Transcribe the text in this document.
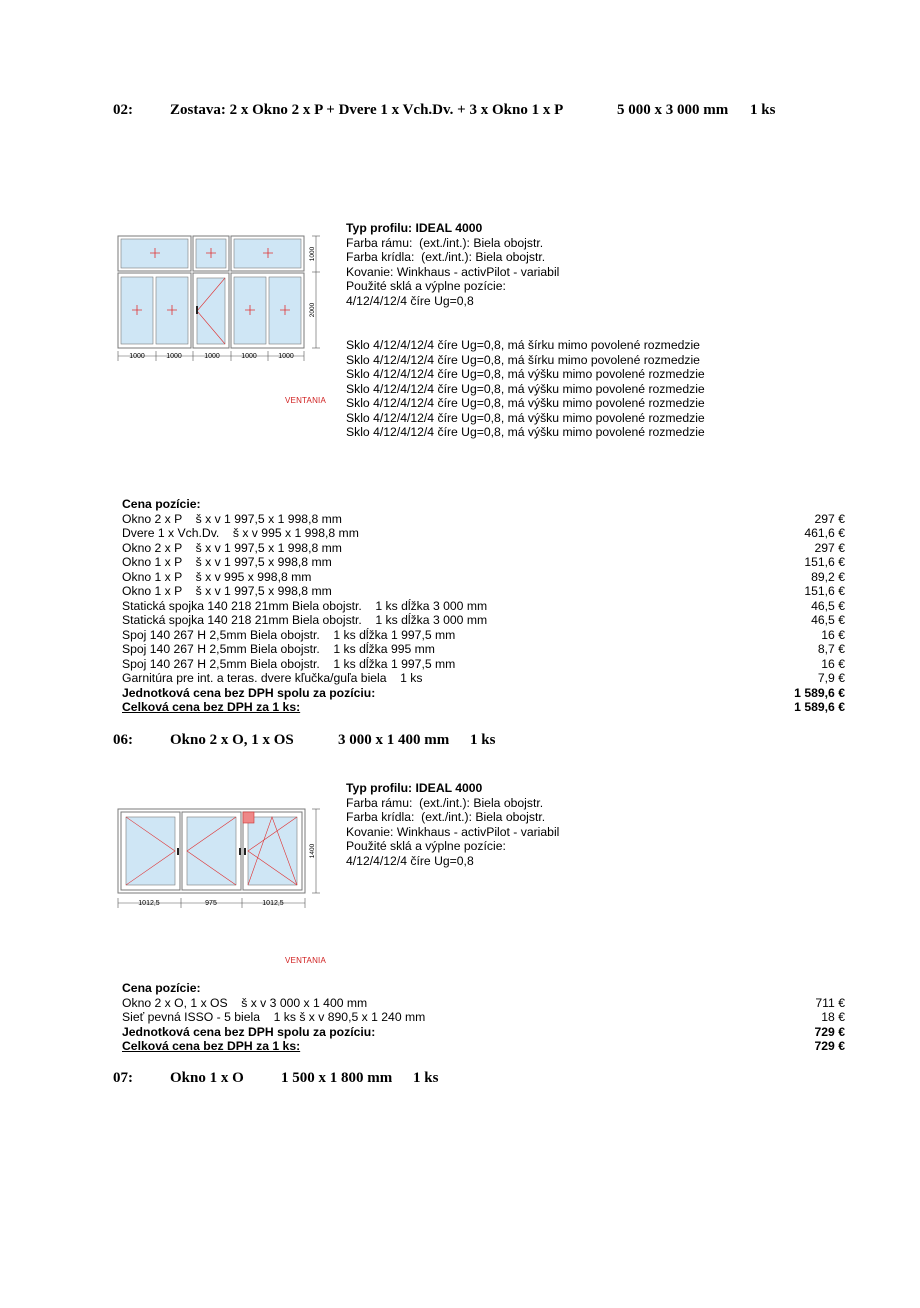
02: Zostava: 2 x Okno 2 x P + Dvere 1 x Vch.Dv. + 3 x Okno 1 x P	5 000 x 3 000 mm 1 ks
1000
2000
1000	1000	1000	1000	1000
VENTANIA
Typ profilu: IDEAL 4000
Farba rámu:  (ext./int.): Biela obojstr.
Farba krídla:  (ext./int.): Biela obojstr.
Kovanie: Winkhaus - activPilot - variabil
Použité sklá a výplne pozície:
4/12/4/12/4 číre Ug=0,8
Sklo 4/12/4/12/4 číre Ug=0,8, má šírku mimo povolené rozmedzie
Sklo 4/12/4/12/4 číre Ug=0,8, má šírku mimo povolené rozmedzie
Sklo 4/12/4/12/4 číre Ug=0,8, má výšku mimo povolené rozmedzie
Sklo 4/12/4/12/4 číre Ug=0,8, má výšku mimo povolené rozmedzie
Sklo 4/12/4/12/4 číre Ug=0,8, má výšku mimo povolené rozmedzie
Sklo 4/12/4/12/4 číre Ug=0,8, má výšku mimo povolené rozmedzie
Sklo 4/12/4/12/4 číre Ug=0,8, má výšku mimo povolené rozmedzie
Cena pozície:
Okno 2 x P    š x v 1 997,5 x 1 998,8 mm	297 €
Dvere 1 x Vch.Dv.    š x v 995 x 1 998,8 mm	461,6 €
Okno 2 x P    š x v 1 997,5 x 1 998,8 mm	297 €
Okno 1 x P    š x v 1 997,5 x 998,8 mm	151,6 €
Okno 1 x P    š x v 995 x 998,8 mm	89,2 €
Okno 1 x P    š x v 1 997,5 x 998,8 mm	151,6 €
Statická spojka 140 218 21mm Biela obojstr.    1 ks dĺžka 3 000 mm	46,5 €
Statická spojka 140 218 21mm Biela obojstr.    1 ks dĺžka 3 000 mm	46,5 €
Spoj 140 267 H 2,5mm Biela obojstr.    1 ks dĺžka 1 997,5 mm	16 €
Spoj 140 267 H 2,5mm Biela obojstr.    1 ks dĺžka 995 mm	8,7 €
Spoj 140 267 H 2,5mm Biela obojstr.    1 ks dĺžka 1 997,5 mm	16 €
Garnitúra pre int. a teras. dvere kľučka/guľa biela    1 ks	7,9 €
Jednotková cena bez DPH spolu za pozíciu:	1 589,6 €
Celková cena bez DPH za 1 ks:	1 589,6 €
06: Okno 2 x O, 1 x OS	3 000 x 1 400 mm 1 ks
1400
1012,5	975	1012,5
VENTANIA
Typ profilu: IDEAL 4000
Farba rámu:  (ext./int.): Biela obojstr.
Farba krídla:  (ext./int.): Biela obojstr.
Kovanie: Winkhaus - activPilot - variabil
Použité sklá a výplne pozície:
4/12/4/12/4 číre Ug=0,8
Cena pozície:
Okno 2 x O, 1 x OS    š x v 3 000 x 1 400 mm	711 €
Sieť pevná ISSO - 5 biela    1 ks š x v 890,5 x 1 240 mm	18 €
Jednotková cena bez DPH spolu za pozíciu:	729 €
Celková cena bez DPH za 1 ks:	729 €
07: Okno 1 x O 1 500 x 1 800 mm 1 ks
